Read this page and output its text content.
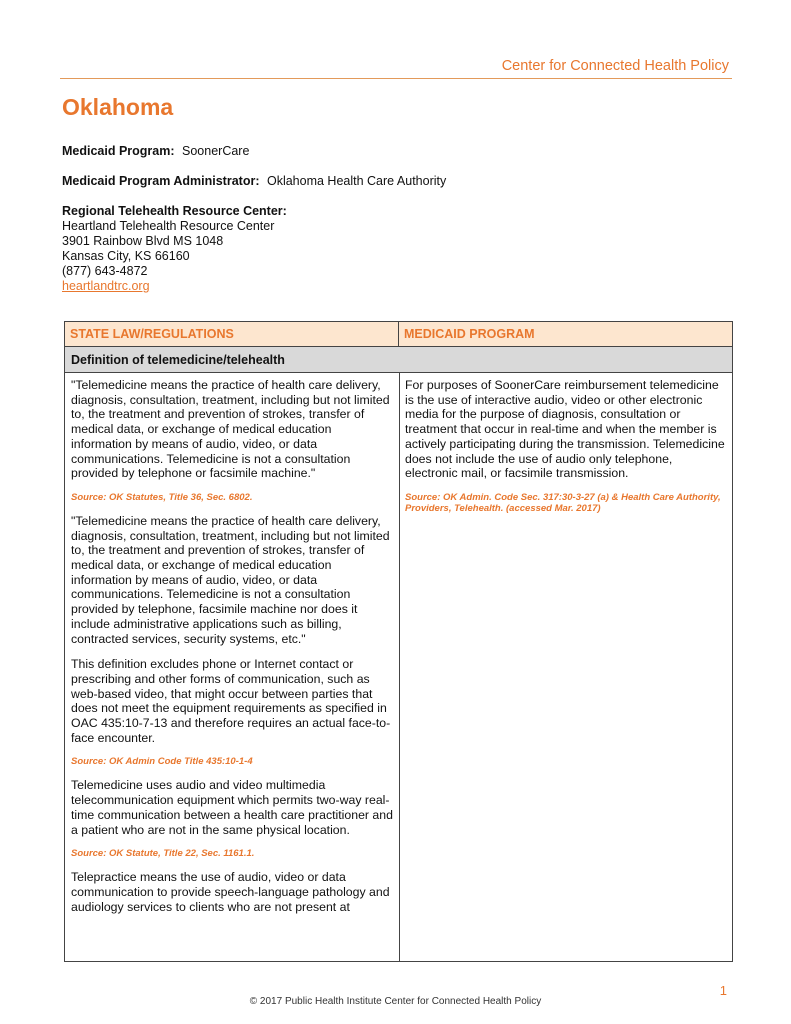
Center for Connected Health Policy
Oklahoma
Medicaid Program: SoonerCare
Medicaid Program Administrator: Oklahoma Health Care Authority
Regional Telehealth Resource Center:
Heartland Telehealth Resource Center
3901 Rainbow Blvd MS 1048
Kansas City, KS 66160
(877) 643-4872
heartlandtrc.org
STATE LAW/REGULATIONS	MEDICAID PROGRAM
Definition of telemedicine/telehealth

"Telemedicine means the practice of health care delivery, diagnosis, consultation, treatment, including but not limited to, the treatment and prevention of strokes, transfer of medical data, or exchange of medical education information by means of audio, video, or data communications. Telemedicine is not a consultation provided by telephone or facsimile machine."

Source: OK Statutes, Title 36, Sec. 6802.

"Telemedicine means the practice of health care delivery, diagnosis, consultation, treatment, including but not limited to, the treatment and prevention of strokes, transfer of medical data, or exchange of medical education information by means of audio, video, or data communications. Telemedicine is not a consultation provided by telephone, facsimile machine nor does it include administrative applications such as billing, contracted services, security systems, etc."

This definition excludes phone or Internet contact or prescribing and other forms of communication, such as web-based video, that might occur between parties that does not meet the equipment requirements as specified in OAC 435:10-7-13 and therefore requires an actual face-to-face encounter.

Source: OK Admin Code Title 435:10-1-4

Telemedicine uses audio and video multimedia telecommunication equipment which permits two-way real-time communication between a health care practitioner and a patient who are not in the same physical location.

Source: OK Statute, Title 22, Sec. 1161.1.

Telepractice means the use of audio, video or data communication to provide speech-language pathology and audiology services to clients who are not present at

For purposes of SoonerCare reimbursement telemedicine is the use of interactive audio, video or other electronic media for the purpose of diagnosis, consultation or treatment that occur in real-time and when the member is actively participating during the transmission. Telemedicine does not include the use of audio only telephone, electronic mail, or facsimile transmission.

Source: OK Admin. Code Sec. 317:30-3-27 (a) & Health Care Authority, Providers, Telehealth. (accessed Mar. 2017)

1
© 2017 Public Health Institute Center for Connected Health Policy
